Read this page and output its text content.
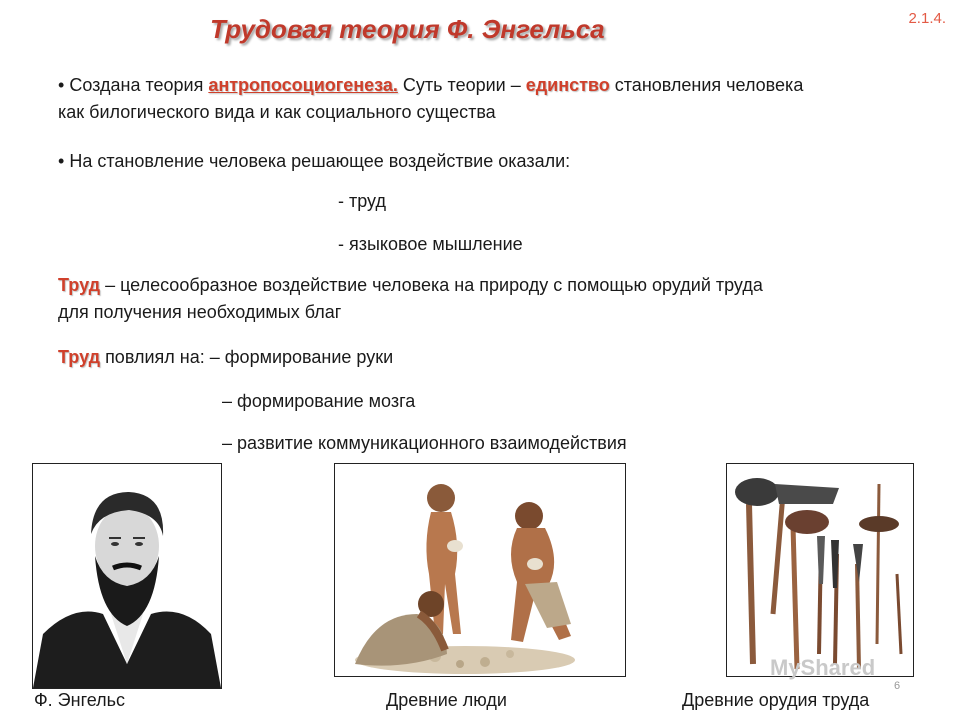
Трудовая теория Ф. Энгельса	2.1.4.
• Создана теория антропосоциогенеза. Суть теории – единство становления человека
как билогического вида и как социального существа
• На становление человека решающее воздействие оказали:
- труд
- языковое мышление
Труд – целесообразное воздействие человека на природу с помощью орудий труда
для получения необходимых благ
Труд повлиял на: – формирование руки
– формирование мозга
– развитие коммуникационного взаимодействия
MyShared
6
Ф. Энгельс	Древние люди	Древние орудия труда
